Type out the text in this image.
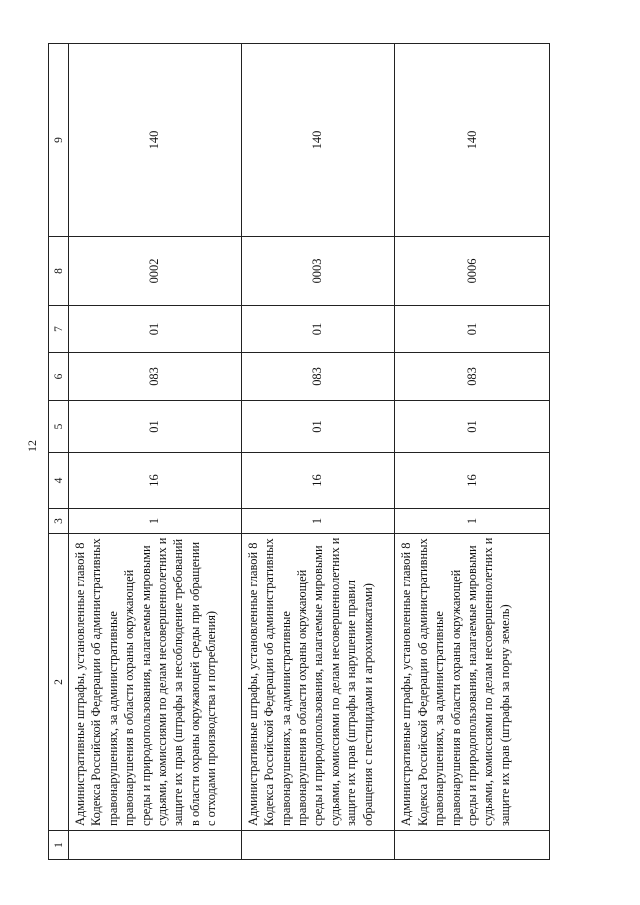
12
1	2	3	4	5	6	7	8	9
	Административные штрафы, установленные главой 8 Кодекса Российской Федерации об административных правонарушениях, за административные правонарушения в области охраны окружающей среды и природопользования, налагаемые мировыми судьями, комиссиями по делам несовершеннолетних и защите их прав (штрафы за несоблюдение требований в области охраны окружающей среды при обращении с отходами производства и потребления)	1	16	01	083	01	0002	140
	Административные штрафы, установленные главой 8 Кодекса Российской Федерации об административных правонарушениях, за административные правонарушения в области охраны окружающей среды и природопользования, налагаемые мировыми судьями, комиссиями по делам несовершеннолетних и защите их прав (штрафы за нарушение правил обращения с пестицидами и агрохимикатами)	1	16	01	083	01	0003	140
	Административные штрафы, установленные главой 8 Кодекса Российской Федерации об административных правонарушениях, за административные правонарушения в области охраны окружающей среды и природопользования, налагаемые мировыми судьями, комиссиями по делам несовершеннолетних и защите их прав (штрафы за порчу земель)	1	16	01	083	01	0006	140
